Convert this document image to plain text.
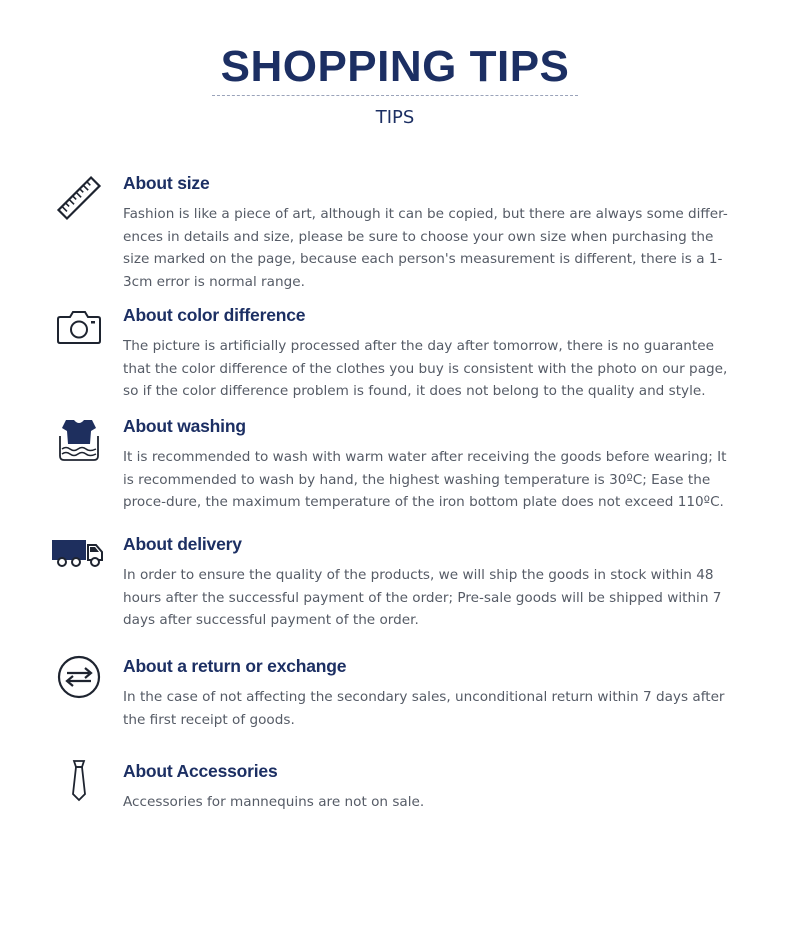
SHOPPING TIPS
TIPS
About size

Fashion is like a piece of art, although it can be copied, but there are always some differ-ences in details and size, please be sure to choose your own size when purchasing the size marked on the page, because each person's measurement is different, there is a 1-3cm error is normal range.

About color difference

The picture is artificially processed after the day after tomorrow, there is no guarantee that the color difference of the clothes you buy is consistent with the photo on our page, so if the color difference problem is found, it does not belong to the quality and style.

About washing

It is recommended to wash with warm water after receiving the goods before wearing; It is recommended to wash by hand, the highest washing temperature is 30ºC; Ease the proce-dure, the maximum temperature of the iron bottom plate does not exceed 110ºC.

About delivery

In order to ensure the quality of the products, we will ship the goods in stock within 48 hours after the successful payment of the order; Pre-sale goods will be shipped within 7 days after successful payment of the order.

About a return or exchange

In the case of not affecting the secondary sales, unconditional return within 7 days after the first receipt of goods.

About Accessories

Accessories for mannequins are not on sale.
